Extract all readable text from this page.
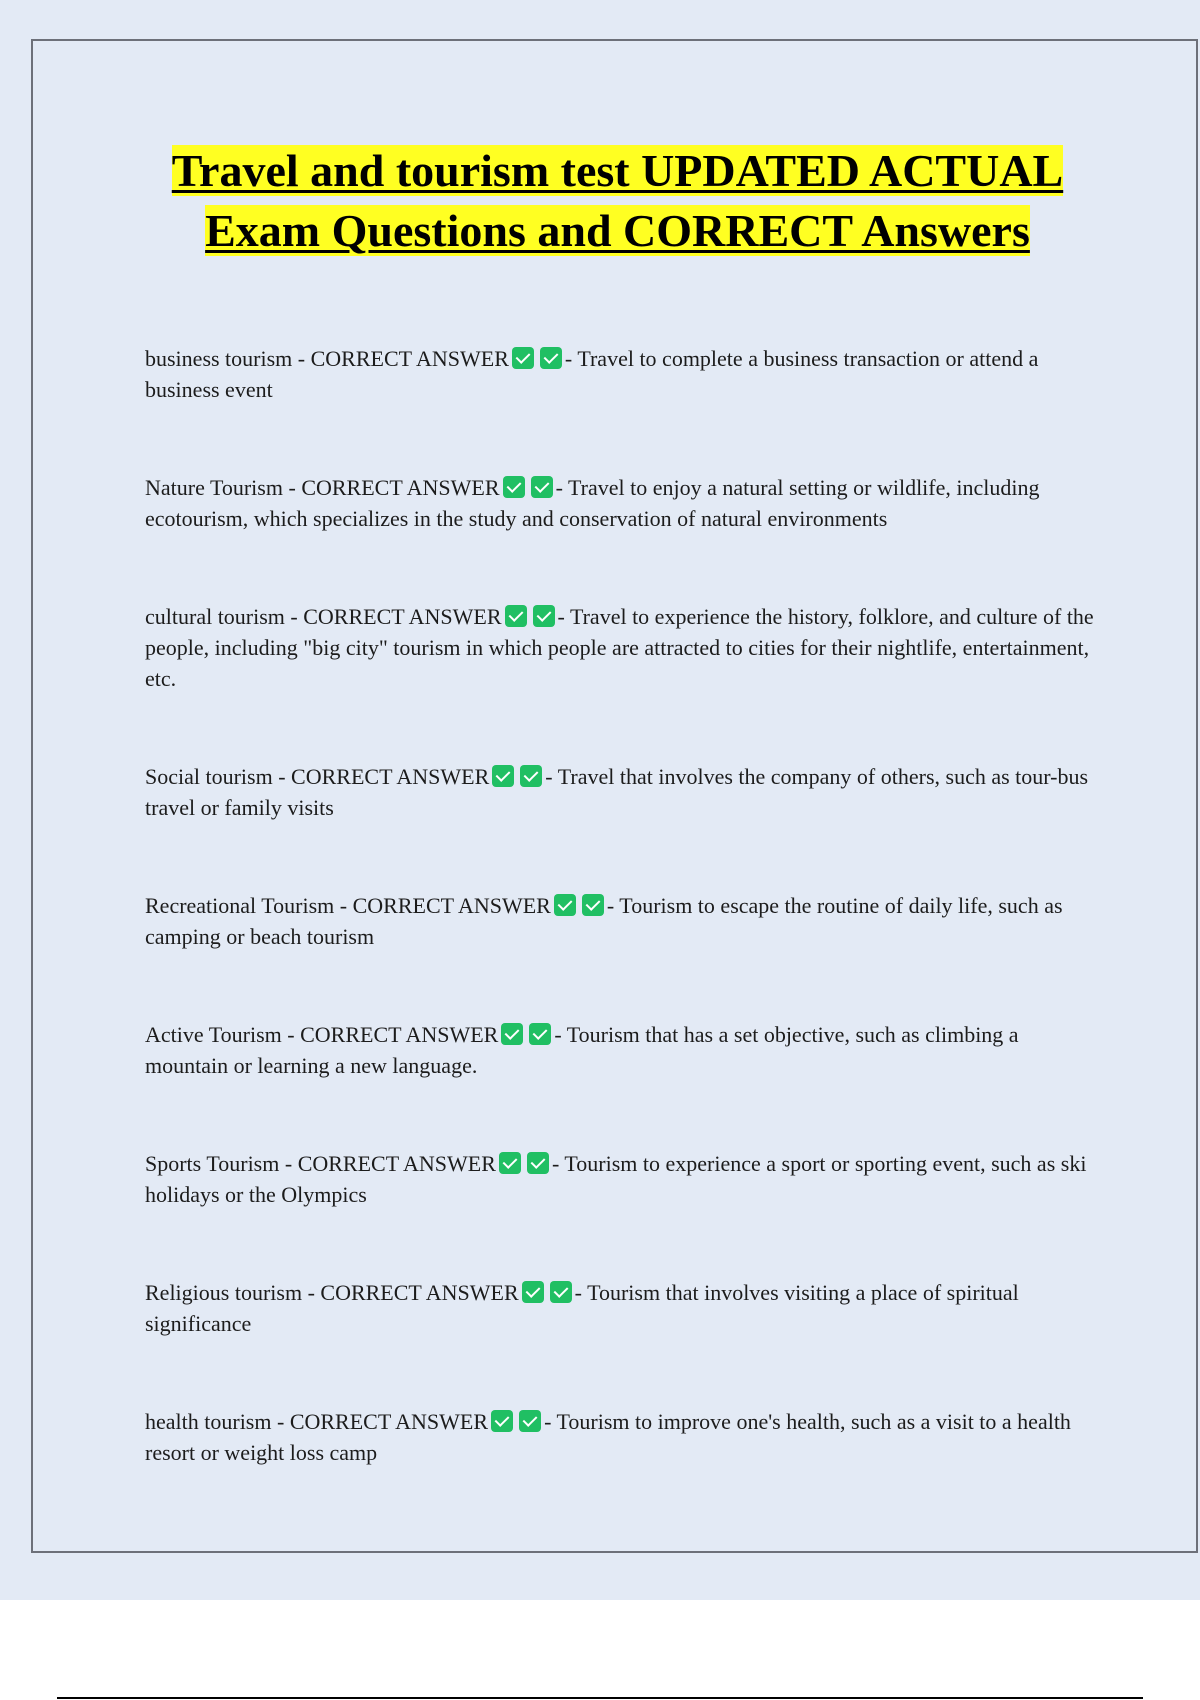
Travel and tourism test UPDATED ACTUAL Exam Questions and CORRECT Answers

business tourism - CORRECT ANSWER	- Travel to complete a business transaction or attend a business event

Nature Tourism - CORRECT ANSWER	- Travel to enjoy a natural setting or wildlife, including ecotourism, which specializes in the study and conservation of natural environments

cultural tourism - CORRECT ANSWER	- Travel to experience the history, folklore, and culture of the people, including "big city" tourism in which people are attracted to cities for their nightlife, entertainment, etc.

Social tourism - CORRECT ANSWER	- Travel that involves the company of others, such as tour-bus travel or family visits

Recreational Tourism - CORRECT ANSWER	- Tourism to escape the routine of daily life, such as camping or beach tourism

Active Tourism - CORRECT ANSWER	- Tourism that has a set objective, such as climbing a mountain or learning a new language.

Sports Tourism - CORRECT ANSWER	- Tourism to experience a sport or sporting event, such as ski holidays or the Olympics

Religious tourism - CORRECT ANSWER	- Tourism that involves visiting a place of spiritual significance

health tourism - CORRECT ANSWER	- Tourism to improve one's health, such as a visit to a health resort or weight loss camp
